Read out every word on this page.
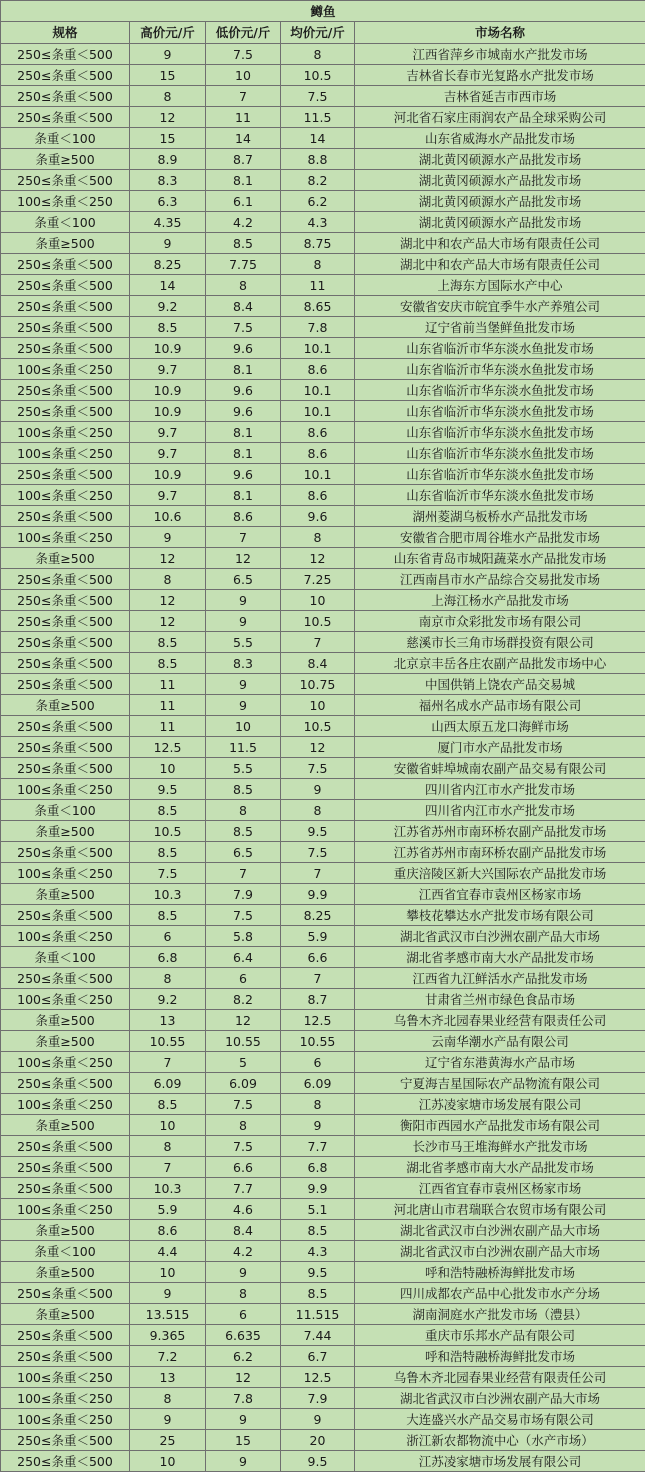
鳟鱼				
规格	高价元/斤	低价元/斤	均价元/斤	市场名称
250≤条重＜500	9	7.5	8	江西省萍乡市城南水产批发市场
250≤条重＜500	15	10	10.5	吉林省长春市光复路水产批发市场
250≤条重＜500	8	7	7.5	吉林省延吉市西市场
250≤条重＜500	12	11	11.5	河北省石家庄雨润农产品全球采购公司
条重＜100	15	14	14	山东省威海水产品批发市场
条重≥500	8.9	8.7	8.8	湖北黄冈硕源水产品批发市场
250≤条重＜500	8.3	8.1	8.2	湖北黄冈硕源水产品批发市场
100≤条重＜250	6.3	6.1	6.2	湖北黄冈硕源水产品批发市场
条重＜100	4.35	4.2	4.3	湖北黄冈硕源水产品批发市场
条重≥500	9	8.5	8.75	湖北中和农产品大市场有限责任公司
250≤条重＜500	8.25	7.75	8	湖北中和农产品大市场有限责任公司
250≤条重＜500	14	8	11	上海东方国际水产中心
250≤条重＜500	9.2	8.4	8.65	安徽省安庆市皖宜季牛水产养殖公司
250≤条重＜500	8.5	7.5	7.8	辽宁省前当堡鲜鱼批发市场
250≤条重＜500	10.9	9.6	10.1	山东省临沂市华东淡水鱼批发市场
100≤条重＜250	9.7	8.1	8.6	山东省临沂市华东淡水鱼批发市场
250≤条重＜500	10.9	9.6	10.1	山东省临沂市华东淡水鱼批发市场
250≤条重＜500	10.9	9.6	10.1	山东省临沂市华东淡水鱼批发市场
100≤条重＜250	9.7	8.1	8.6	山东省临沂市华东淡水鱼批发市场
100≤条重＜250	9.7	8.1	8.6	山东省临沂市华东淡水鱼批发市场
250≤条重＜500	10.9	9.6	10.1	山东省临沂市华东淡水鱼批发市场
100≤条重＜250	9.7	8.1	8.6	山东省临沂市华东淡水鱼批发市场
250≤条重＜500	10.6	8.6	9.6	湖州菱湖乌板桥水产品批发市场
100≤条重＜250	9	7	8	安徽省合肥市周谷堆水产品批发市场
条重≥500	12	12	12	山东省青岛市城阳蔬菜水产品批发市场
250≤条重＜500	8	6.5	7.25	江西南昌市水产品综合交易批发市场
250≤条重＜500	12	9	10	上海江杨水产品批发市场
250≤条重＜500	12	9	10.5	南京市众彩批发市场有限公司
250≤条重＜500	8.5	5.5	7	慈溪市长三角市场群投资有限公司
250≤条重＜500	8.5	8.3	8.4	北京京丰岳各庄农副产品批发市场中心
250≤条重＜500	11	9	10.75	中国供销上饶农产品交易城
条重≥500	11	9	10	福州名成水产品市场有限公司
250≤条重＜500	11	10	10.5	山西太原五龙口海鲜市场
250≤条重＜500	12.5	11.5	12	厦门市水产品批发市场
250≤条重＜500	10	5.5	7.5	安徽省蚌埠城南农副产品交易有限公司
100≤条重＜250	9.5	8.5	9	四川省内江市水产批发市场
条重＜100	8.5	8	8	四川省内江市水产批发市场
条重≥500	10.5	8.5	9.5	江苏省苏州市南环桥农副产品批发市场
250≤条重＜500	8.5	6.5	7.5	江苏省苏州市南环桥农副产品批发市场
100≤条重＜250	7.5	7	7	重庆涪陵区新大兴国际农产品批发市场
条重≥500	10.3	7.9	9.9	江西省宜春市袁州区杨家市场
250≤条重＜500	8.5	7.5	8.25	攀枝花攀达水产批发市场有限公司
100≤条重＜250	6	5.8	5.9	湖北省武汉市白沙洲农副产品大市场
条重＜100	6.8	6.4	6.6	湖北省孝感市南大水产品批发市场
250≤条重＜500	8	6	7	江西省九江鲜活水产品批发市场
100≤条重＜250	9.2	8.2	8.7	甘肃省兰州市绿色食品市场
条重≥500	13	12	12.5	乌鲁木齐北园春果业经营有限责任公司
条重≥500	10.55	10.55	10.55	云南华潮水产品有限公司
100≤条重＜250	7	5	6	辽宁省东港黄海水产品市场
250≤条重＜500	6.09	6.09	6.09	宁夏海吉星国际农产品物流有限公司
100≤条重＜250	8.5	7.5	8	江苏凌家塘市场发展有限公司
条重≥500	10	8	9	衡阳市西园水产品批发市场有限公司
250≤条重＜500	8	7.5	7.7	长沙市马王堆海鲜水产批发市场
250≤条重＜500	7	6.6	6.8	湖北省孝感市南大水产品批发市场
250≤条重＜500	10.3	7.7	9.9	江西省宜春市袁州区杨家市场
100≤条重＜250	5.9	4.6	5.1	河北唐山市君瑞联合农贸市场有限公司
条重≥500	8.6	8.4	8.5	湖北省武汉市白沙洲农副产品大市场
条重＜100	4.4	4.2	4.3	湖北省武汉市白沙洲农副产品大市场
条重≥500	10	9	9.5	呼和浩特融桥海鲜批发市场
250≤条重＜500	9	8	8.5	四川成都农产品中心批发市水产分场
条重≥500	13.515	6	11.515	湖南洞庭水产批发市场（澧县）
250≤条重＜500	9.365	6.635	7.44	重庆市乐邦水产品有限公司
250≤条重＜500	7.2	6.2	6.7	呼和浩特融桥海鲜批发市场
100≤条重＜250	13	12	12.5	乌鲁木齐北园春果业经营有限责任公司
100≤条重＜250	8	7.8	7.9	湖北省武汉市白沙洲农副产品大市场
100≤条重＜250	9	9	9	大连盛兴水产品交易市场有限公司
250≤条重＜500	25	15	20	浙江新农都物流中心（水产市场）
250≤条重＜500	10	9	9.5	江苏凌家塘市场发展有限公司
